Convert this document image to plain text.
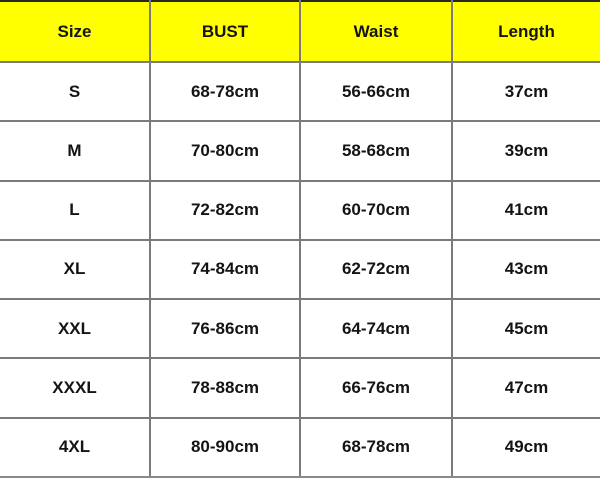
Size	BUST	Waist	Length
S	68-78cm	56-66cm	37cm
M	70-80cm	58-68cm	39cm
L	72-82cm	60-70cm	41cm
XL	74-84cm	62-72cm	43cm
XXL	76-86cm	64-74cm	45cm
XXXL	78-88cm	66-76cm	47cm
4XL	80-90cm	68-78cm	49cm
